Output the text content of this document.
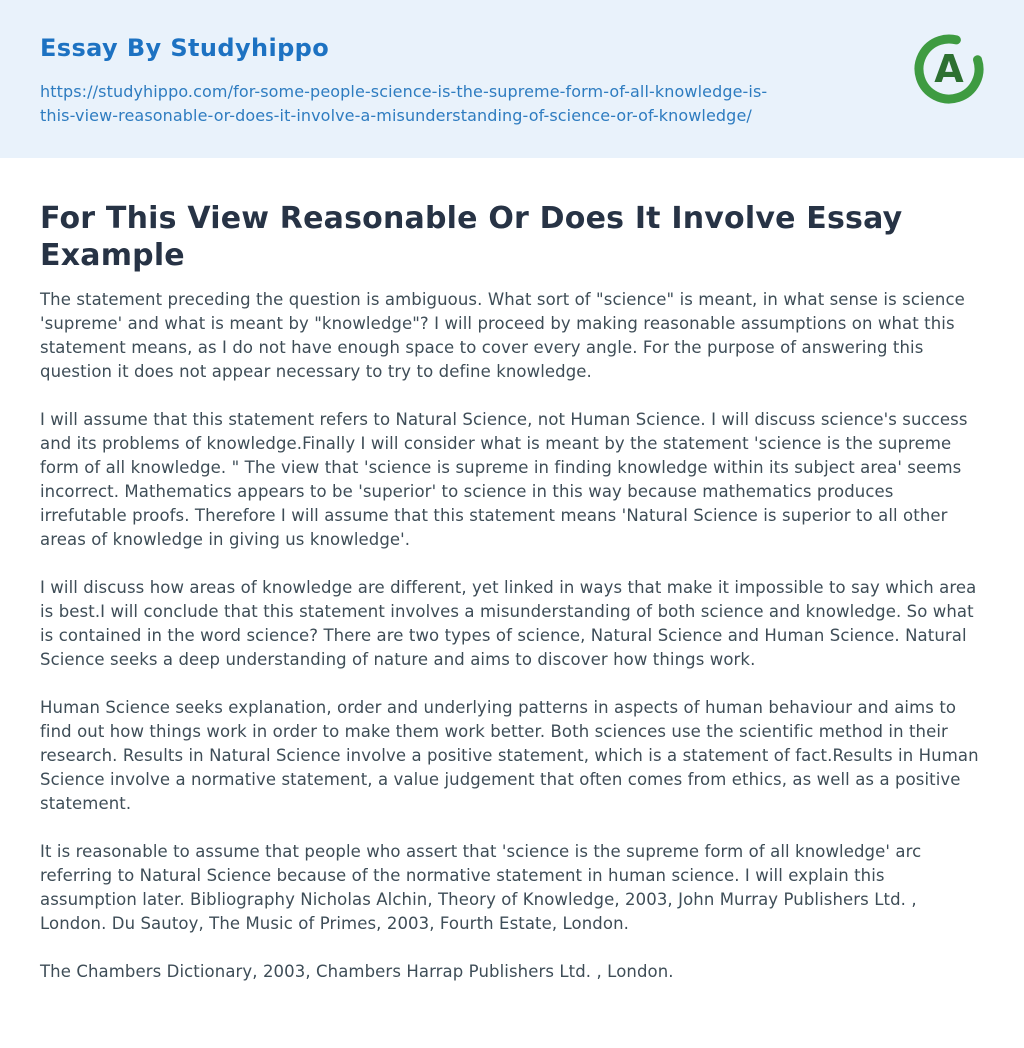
Essay By Studyhippo
https://studyhippo.com/for-some-people-science-is-the-supreme-form-of-all-knowledge-is-
this-view-reasonable-or-does-it-involve-a-misunderstanding-of-science-or-of-knowledge/
A
For This View Reasonable Or Does It Involve Essay Example

The statement preceding the question is ambiguous. What sort of "science" is meant, in what sense is science 'supreme' and what is meant by "knowledge"? I will proceed by making reasonable assumptions on what this statement means, as I do not have enough space to cover every angle. For the purpose of answering this question it does not appear necessary to try to define knowledge.

I will assume that this statement refers to Natural Science, not Human Science. I will discuss science's success and its problems of knowledge.Finally I will consider what is meant by the statement 'science is the supreme form of all knowledge. " The view that 'science is supreme in finding knowledge within its subject area' seems incorrect. Mathematics appears to be 'superior' to science in this way because mathematics produces irrefutable proofs. Therefore I will assume that this statement means 'Natural Science is superior to all other areas of knowledge in giving us knowledge'.

I will discuss how areas of knowledge are different, yet linked in ways that make it impossible to say which area is best.I will conclude that this statement involves a misunderstanding of both science and knowledge. So what is contained in the word science? There are two types of science, Natural Science and Human Science. Natural Science seeks a deep understanding of nature and aims to discover how things work.

Human Science seeks explanation, order and underlying patterns in aspects of human behaviour and aims to find out how things work in order to make them work better. Both sciences use the scientific method in their research. Results in Natural Science involve a positive statement, which is a statement of fact.Results in Human Science involve a normative statement, a value judgement that often comes from ethics, as well as a positive statement.

It is reasonable to assume that people who assert that 'science is the supreme form of all knowledge' arc referring to Natural Science because of the normative statement in human science. I will explain this assumption later. Bibliography Nicholas Alchin, Theory of Knowledge, 2003, John Murray Publishers Ltd. , London. Du Sautoy, The Music of Primes, 2003, Fourth Estate, London.

The Chambers Dictionary, 2003, Chambers Harrap Publishers Ltd. , London.
